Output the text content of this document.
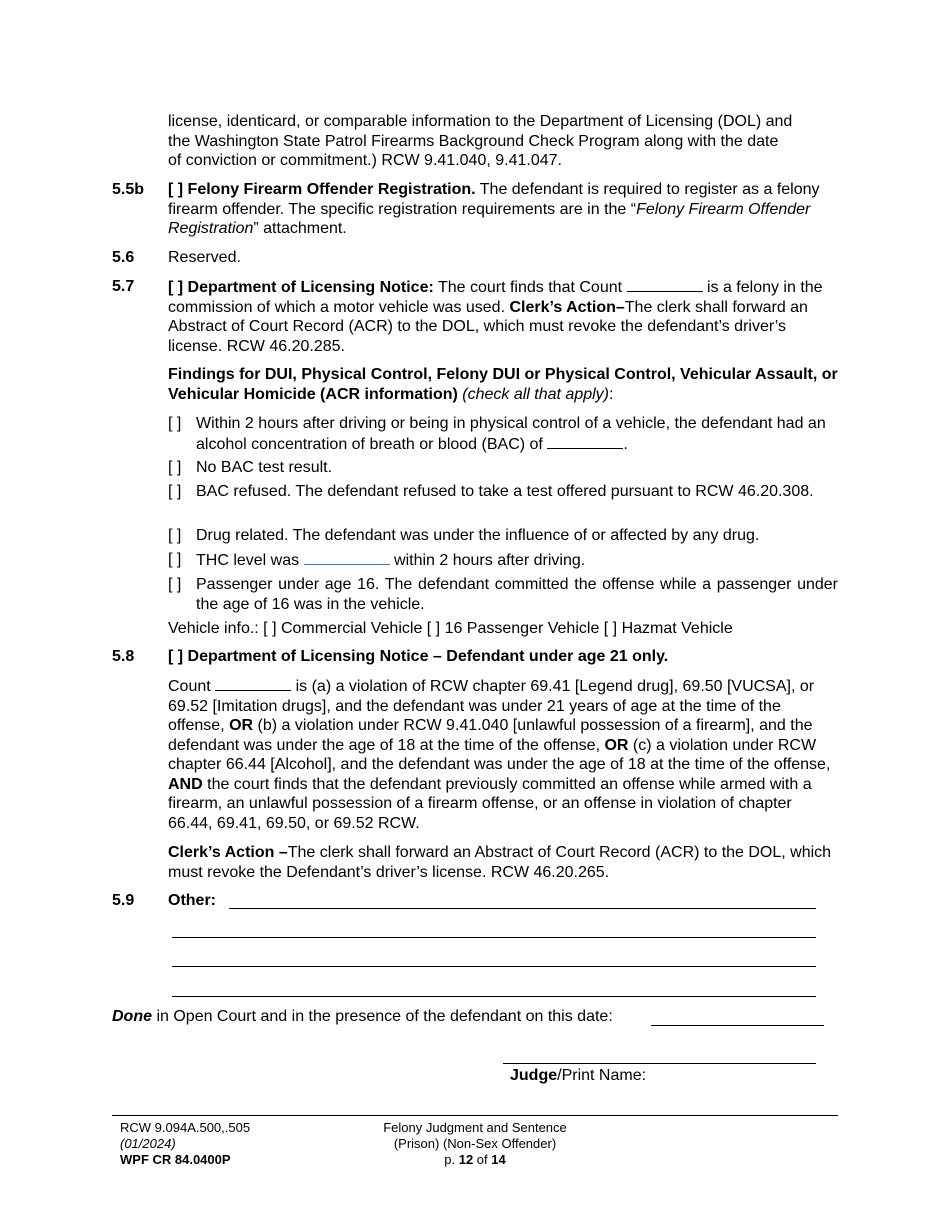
license, identicard, or comparable information to the Department of Licensing (DOL) and
the Washington State Patrol Firearms Background Check Program along with the date
of conviction or commitment.) RCW 9.41.040, 9.41.047.
5.5b [ ] Felony Firearm Offender Registration. The defendant is required to register as a felony firearm offender. The specific registration requirements are in the “Felony Firearm Offender Registration” attachment.
5.6 Reserved.
5.7 [ ] Department of Licensing Notice: The court finds that Count	is a felony in the commission of which a motor vehicle was used. Clerk’s Action–The clerk shall forward an Abstract of Court Record (ACR) to the DOL, which must revoke the defendant’s driver’s license. RCW 46.20.285.
Findings for DUI, Physical Control, Felony DUI or Physical Control, Vehicular Assault, or Vehicular Homicide (ACR information) (check all that apply):
[ ] Within 2 hours after driving or being in physical control of a vehicle, the defendant had an alcohol concentration of breath or blood (BAC) of	.
[ ] No BAC test result.
[ ] BAC refused. The defendant refused to take a test offered pursuant to RCW 46.20.308.
[ ] Drug related. The defendant was under the influence of or affected by any drug.
[ ] THC level was	within 2 hours after driving.
[ ] Passenger under age 16. The defendant committed the offense while a passenger under the age of 16 was in the vehicle.
Vehicle info.: [ ] Commercial Vehicle [ ] 16 Passenger Vehicle [ ] Hazmat Vehicle
5.8 [ ] Department of Licensing Notice – Defendant under age 21 only.
Count	is (a) a violation of RCW chapter 69.41 [Legend drug], 69.50 [VUCSA], or 69.52 [Imitation drugs], and the defendant was under 21 years of age at the time of the offense, OR (b) a violation under RCW 9.41.040 [unlawful possession of a firearm], and the defendant was under the age of 18 at the time of the offense, OR (c) a violation under RCW chapter 66.44 [Alcohol], and the defendant was under the age of 18 at the time of the offense, AND the court finds that the defendant previously committed an offense while armed with a firearm, an unlawful possession of a firearm offense, or an offense in violation of chapter 66.44, 69.41, 69.50, or 69.52 RCW.
Clerk’s Action –The clerk shall forward an Abstract of Court Record (ACR) to the DOL, which must revoke the Defendant’s driver’s license. RCW 46.20.265.
5.9 Other:
Done in Open Court and in the presence of the defendant on this date:
Judge/Print Name:
RCW 9.094A.500,.505
(01/2024)
WPF CR 84.0400P
Felony Judgment and Sentence
(Prison) (Non-Sex Offender)
p. 12 of 14
